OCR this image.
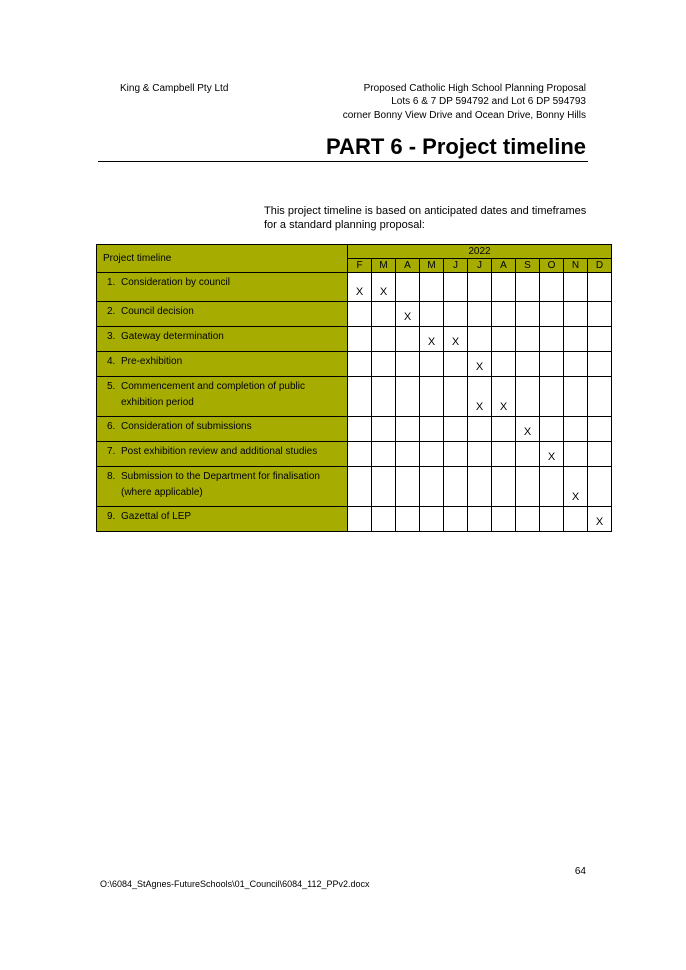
King & Campbell Pty Ltd	Proposed Catholic High School Planning Proposal
Lots 6 & 7 DP 594792 and Lot 6 DP 594793
corner Bonny View Drive and Ocean Drive, Bonny Hills
PART 6 - Project timeline
This project timeline is based on anticipated dates and timeframes for a standard planning proposal:
Project timeline	2022										
	F	M	A	M	J	J	A	S	O	N	D

1. Consideration by council	X	X									

2. Council decision			X								

3. Gateway determination				X	X						

4. Pre-exhibition						X					

5. Commencement and completion of public exhibition period						X	X				

6. Consideration of submissions								X			

7. Post exhibition review and additional studies									X		

8. Submission to the Department for finalisation (where applicable)										X	

9. Gazettal of LEP											X
64
O:\6084_StAgnes-FutureSchools\01_Council\6084_112_PPv2.docx
